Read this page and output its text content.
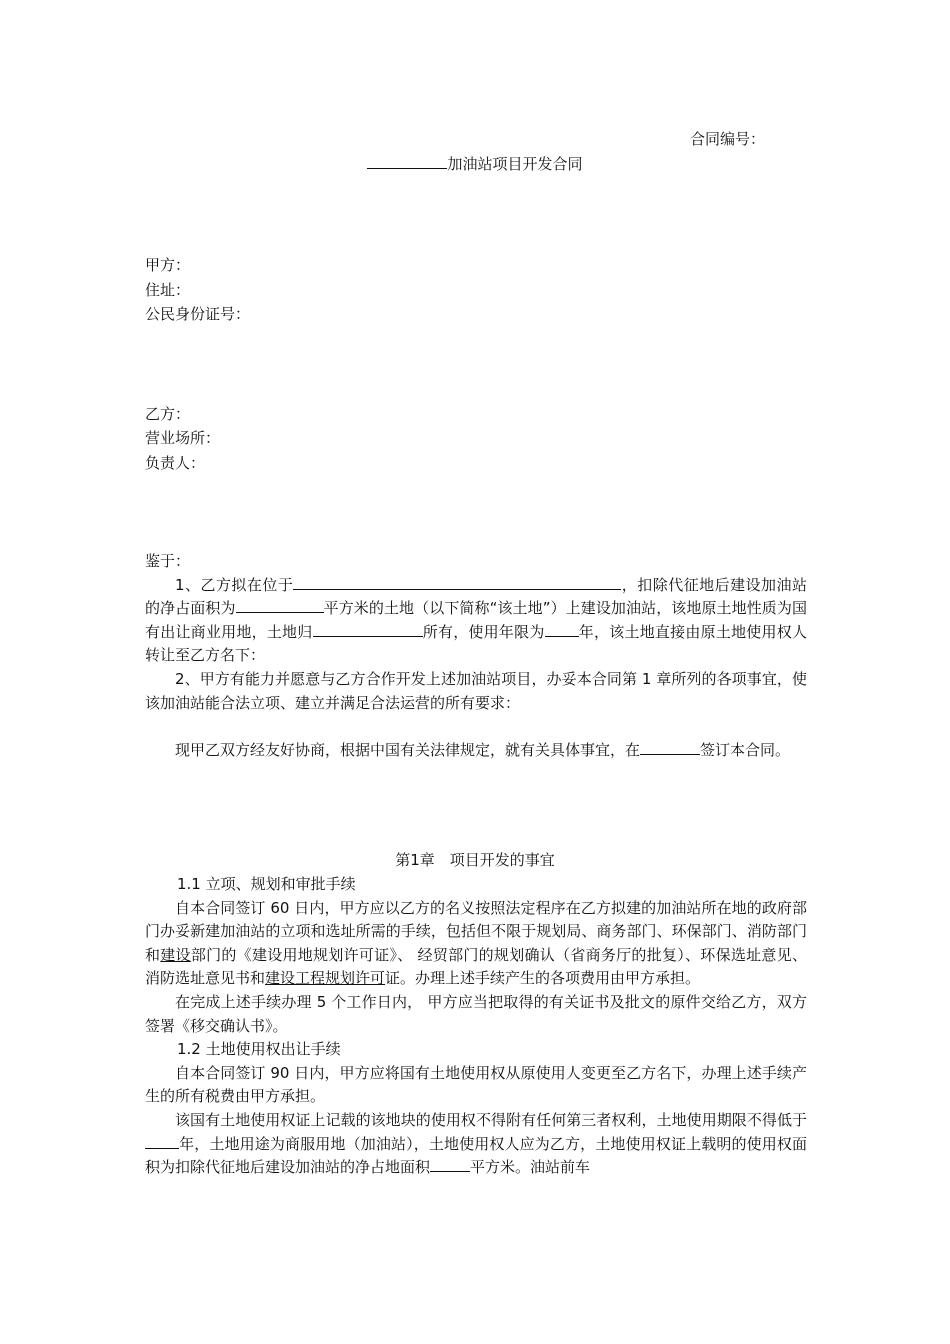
合同编号：
加油站项目开发合同
甲方：
住址：
公民身份证号：
乙方：
营业场所：
负责人：

鉴于：

1、乙方拟在位于	，扣除代征地后建设加油站的净占面积为	平方米的土地（以下简称“该土地”）上建设加油站，该地原土地性质为国有出让商业用地，土地归	所有，使用年限为 年，该土地直接由原土地使用权人转让至乙方名下：

2、甲方有能力并愿意与乙方合作开发上述加油站项目，办妥本合同第 1 章所列的各项事宜，使该加油站能合法立项、建立并满足合法运营的所有要求：

现甲乙双方经友好协商，根据中国有关法律规定，就有关具体事宜，在	签订本合同。

第1章　项目开发的事宜

1.1 立项、规划和审批手续

自本合同签订 60 日内，甲方应以乙方的名义按照法定程序在乙方拟建的加油站所在地的政府部门办妥新建加油站的立项和选址所需的手续，包括但不限于规划局、商务部门、环保部门、消防部门和建设部门的《建设用地规划许可证》、 经贸部门的规划确认（省商务厅的批复）、环保选址意见、消防选址意见书和建设工程规划许可证。办理上述手续产生的各项费用由甲方承担。

在完成上述手续办理 5 个工作日内， 甲方应当把取得的有关证书及批文的原件交给乙方，双方签署《移交确认书》。

1.2 土地使用权出让手续

自本合同签订 90 日内，甲方应将国有土地使用权从原使用人变更至乙方名下，办理上述手续产生的所有税费由甲方承担。

该国有土地使用权证上记载的该地块的使用权不得附有任何第三者权利，土地使用期限不得低于年，土地用途为商服用地（加油站），土地使用权人应为乙方，土地使用权证上载明的使用权面积为扣除代征地后建设加油站的净占地面积	平方米。油站前车
